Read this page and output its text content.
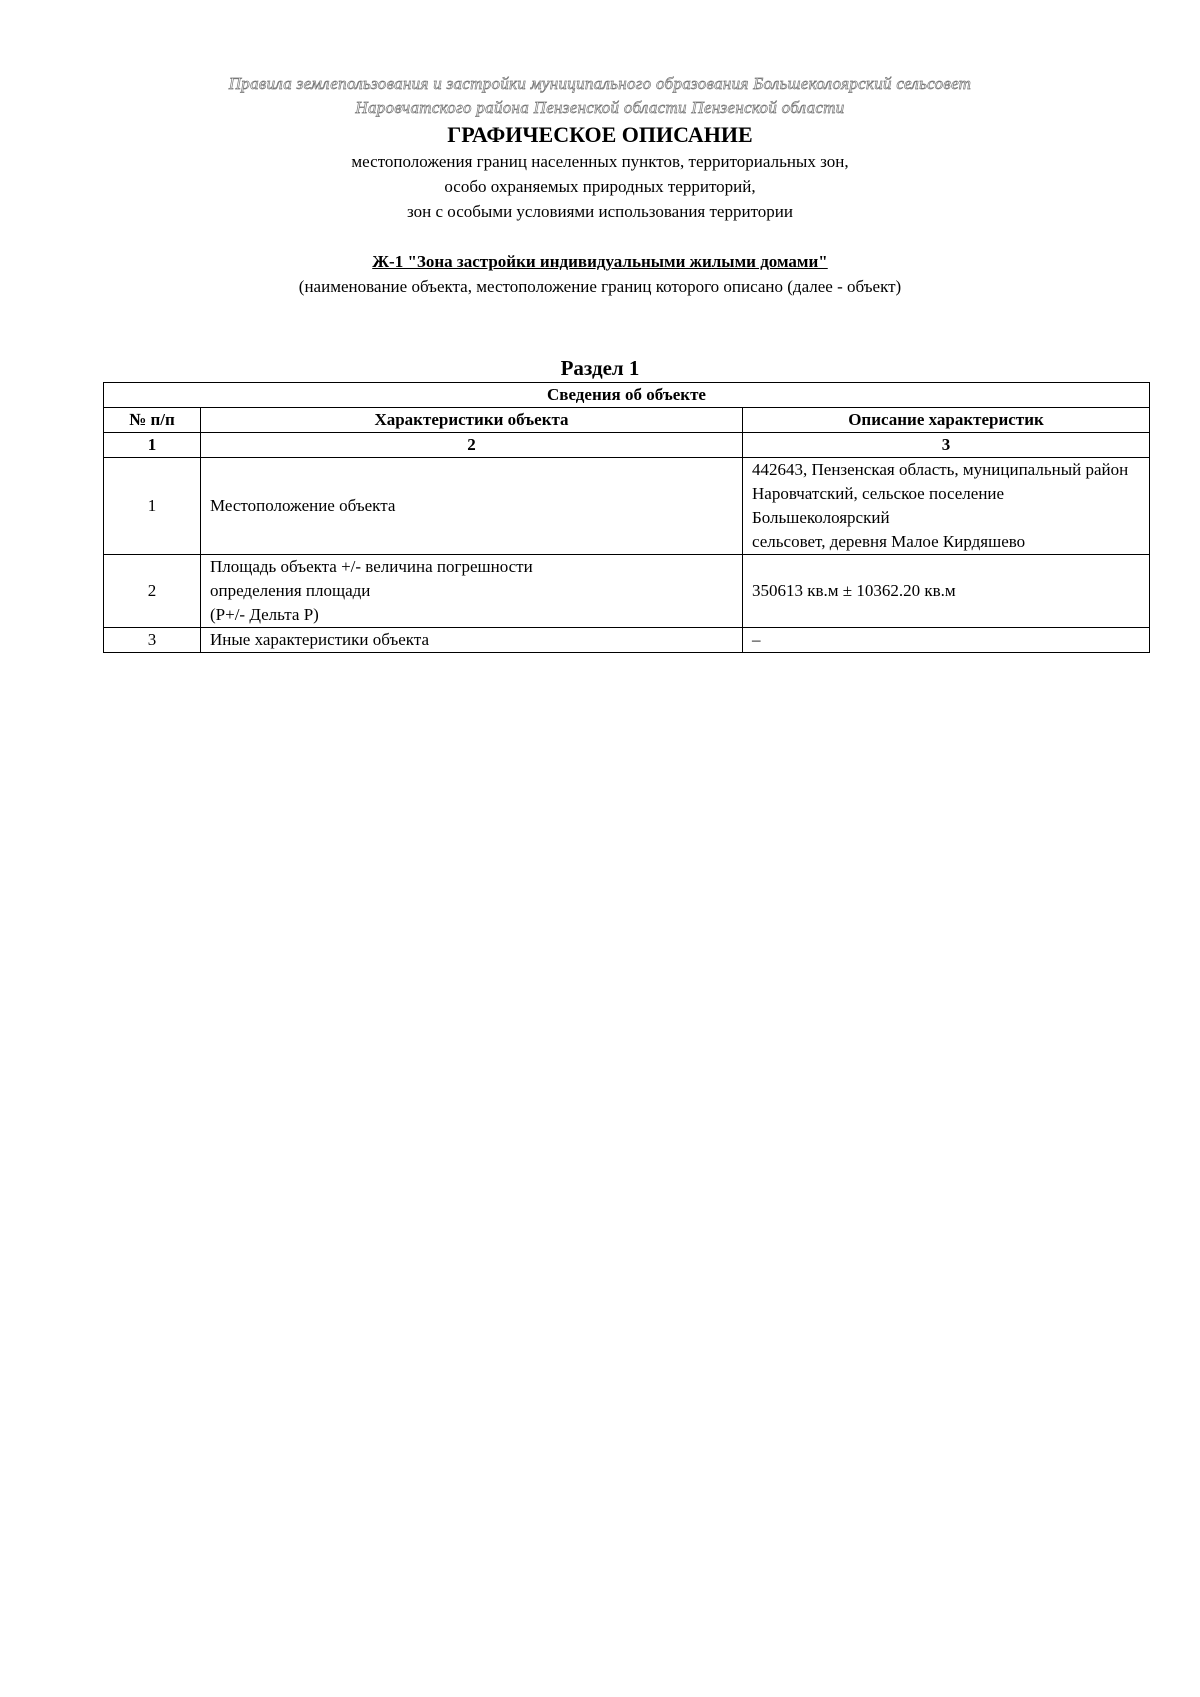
Правила землепользования и застройки муниципального образования Большеколоярский сельсовет
Наровчатского района Пензенской области Пензенской области
ГРАФИЧЕСКОЕ ОПИСАНИЕ
местоположения границ населенных пунктов, территориальных зон,
особо охраняемых природных территорий,
зон с особыми условиями использования территории
Ж-1 "Зона застройки индивидуальными жилыми домами"
(наименование объекта, местоположение границ которого описано (далее - объект)
Раздел 1
Сведения об объекте		
№ п/п	Характеристики объекта	Описание характеристик
1	2	3
1	Местоположение объекта	442643, Пензенская область, муниципальный район
Наровчатский, сельское поселение Большеколоярский
сельсовет, деревня Малое Кирдяшево

2	Площадь объекта +/- величина погрешности
определения площади
(P+/- Дельта P)	350613 кв.м ± 10362.20 кв.м
3	Иные характеристики объекта	–
